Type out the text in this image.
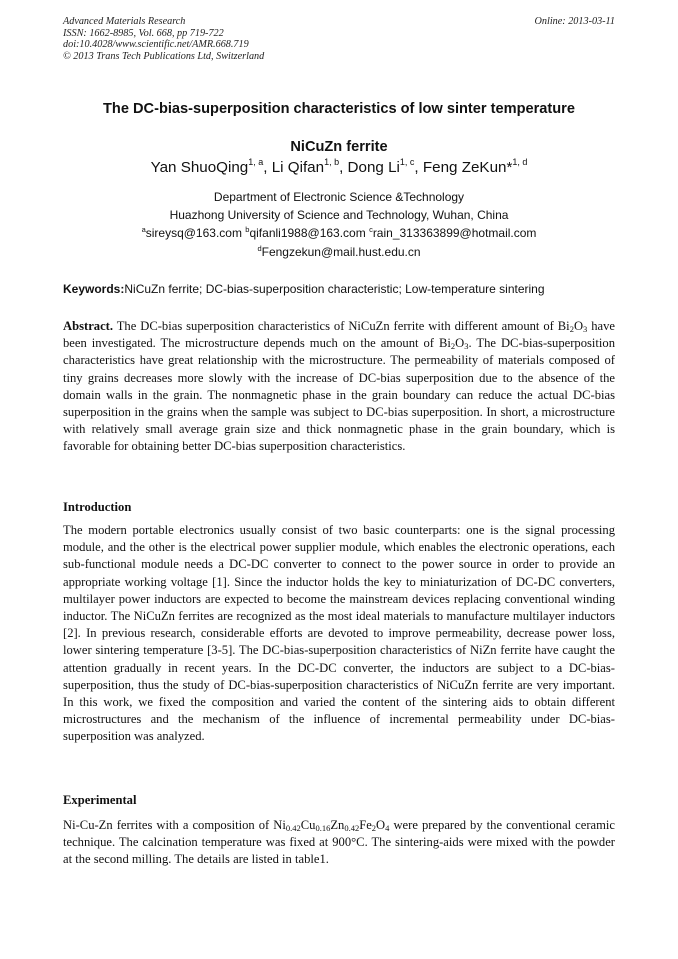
Advanced Materials Research
ISSN: 1662-8985, Vol. 668, pp 719-722
doi:10.4028/www.scientific.net/AMR.668.719
© 2013 Trans Tech Publications Ltd, Switzerland
Online: 2013-03-11
The DC-bias-superposition characteristics of low sinter temperature
NiCuZn ferrite
Yan ShuoQing$^{1, a}$, Li Qifan$^{1, b}$, Dong Li$^{1, c}$, Feng ZeKun*$^{1, d}$
Department of Electronic Science &Technology
Huazhong University of Science and Technology, Wuhan, China
$^a$sireysq@163.com $^b$qifanli1988@163.com $^c$rain_313363899@hotmail.com
$^d$Fengzekun@mail.hust.edu.cn
Keywords:NiCuZn ferrite; DC-bias-superposition characteristic; Low-temperature sintering
Abstract. The DC-bias superposition characteristics of NiCuZn ferrite with different amount of $Bi_2O_3$ have been investigated. The microstructure depends much on the amount of $Bi_2O_3$. The DC-bias-superposition characteristics have great relationship with the microstructure. The permeability of materials composed of tiny grains decreases more slowly with the increase of DC-bias superposition due to the absence of the domain walls in the grain. The nonmagnetic phase in the grain boundary can reduce the actual DC-bias superposition in the grains when the sample was subject to DC-bias superposition. In short, a microstructure with relatively small average grain size and thick nonmagnetic phase in the grain boundary, which is favorable for obtaining better DC-bias superposition characteristics.
Introduction
The modern portable electronics usually consist of two basic counterparts: one is the signal processing module, and the other is the electrical power supplier module, which enables the electronic operations, each sub-functional module needs a DC-DC converter to connect to the power source in order to provide an appropriate working voltage [1]. Since the inductor holds the key to miniaturization of DC-DC converters, multilayer power inductors are expected to become the mainstream devices replacing conventional winding inductor. The NiCuZn ferrites are recognized as the most ideal materials to manufacture multilayer inductors [2]. In previous research, considerable efforts are devoted to improve permeability, decrease power loss, lower sintering temperature [3-5]. The DC-bias-superposition characteristics of NiZn ferrite have caught the attention gradually in recent years. In the DC-DC converter, the inductors are subject to a DC-bias-superposition, thus the study of DC-bias-superposition characteristics of NiCuZn ferrite are very important. In this work, we fixed the composition and varied the content of the sintering aids to obtain different microstructures and the mechanism of the influence of incremental permeability under DC-bias- superposition was analyzed.
Experimental
Ni-Cu-Zn ferrites with a composition of $Ni_{0.42}Cu_{0.16}Zn_{0.42}Fe_2O_4$ were prepared by the conventional ceramic technique. The calcination temperature was fixed at 900°C. The sintering-aids were mixed with the powder at the second milling. The details are listed in table1.
